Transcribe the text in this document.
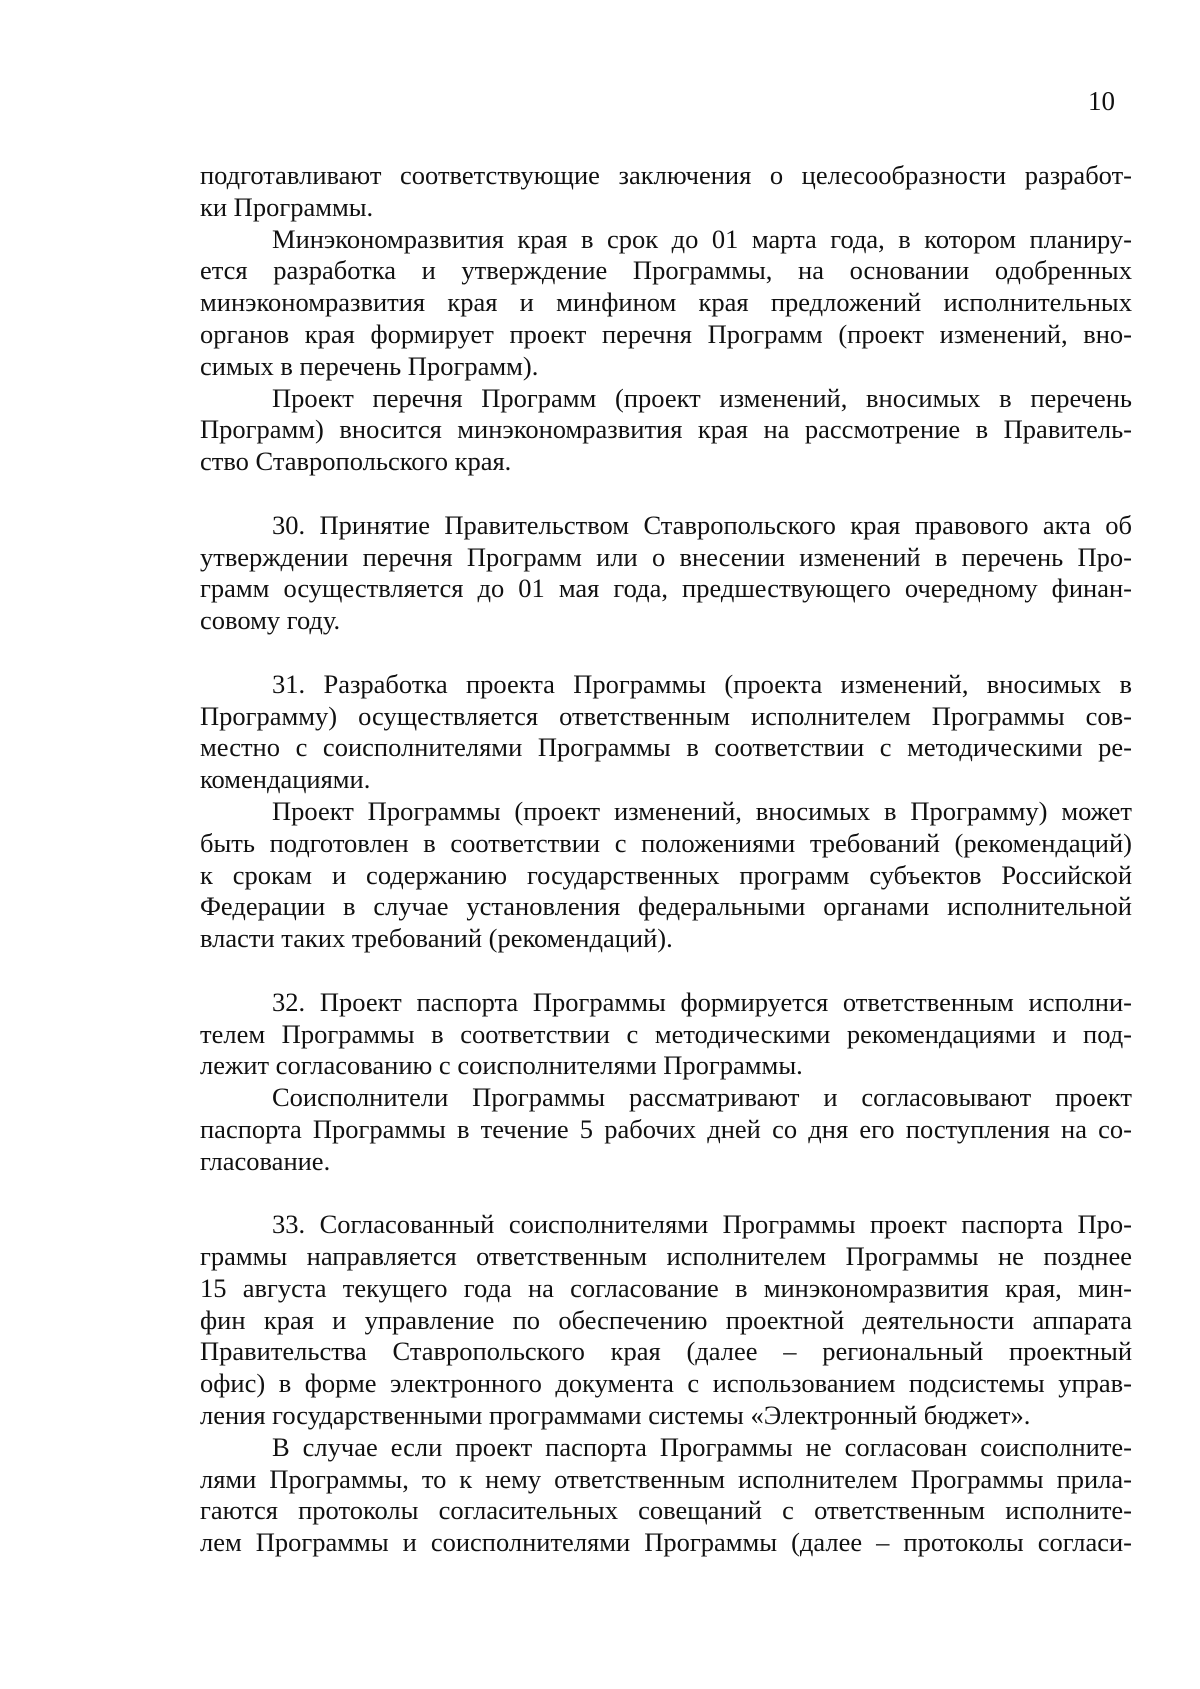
10
подготавливают соответствующие заключения о целесообразности разработ-
ки Программы.
Минэкономразвития края в срок до 01 марта года, в котором планиру-
ется разработка и утверждение Программы, на основании одобренных
минэкономразвития края и минфином края предложений исполнительных
органов края формирует проект перечня Программ (проект изменений, вно-
симых в перечень Программ).
Проект перечня Программ (проект изменений, вносимых в перечень
Программ) вносится минэкономразвития края на рассмотрение в Правитель-
ство Ставропольского края.
30. Принятие Правительством Ставропольского края правового акта об
утверждении перечня Программ или о внесении изменений в перечень Про-
грамм осуществляется до 01 мая года, предшествующего очередному финан-
совому году.
31. Разработка проекта Программы (проекта изменений, вносимых в
Программу) осуществляется ответственным исполнителем Программы сов-
местно с соисполнителями Программы в соответствии с методическими ре-
комендациями.
Проект Программы (проект изменений, вносимых в Программу) может
быть подготовлен в соответствии с положениями требований (рекомендаций)
к срокам и содержанию государственных программ субъектов Российской
Федерации в случае установления федеральными органами исполнительной
власти таких требований (рекомендаций).
32. Проект паспорта Программы формируется ответственным исполни-
телем Программы в соответствии с методическими рекомендациями и под-
лежит согласованию с соисполнителями Программы.
Соисполнители Программы рассматривают и согласовывают проект
паспорта Программы в течение 5 рабочих дней со дня его поступления на со-
гласование.
33. Согласованный соисполнителями Программы проект паспорта Про-
граммы направляется ответственным исполнителем Программы не позднее
15 августа текущего года на согласование в минэкономразвития края, мин-
фин края и управление по обеспечению проектной деятельности аппарата
Правительства Ставропольского края (далее – региональный проектный
офис) в форме электронного документа с использованием подсистемы управ-
ления государственными программами системы «Электронный бюджет».
В случае если проект паспорта Программы не согласован соисполните-
лями Программы, то к нему ответственным исполнителем Программы прила-
гаются протоколы согласительных совещаний с ответственным исполните-
лем Программы и соисполнителями Программы (далее – протоколы согласи-
